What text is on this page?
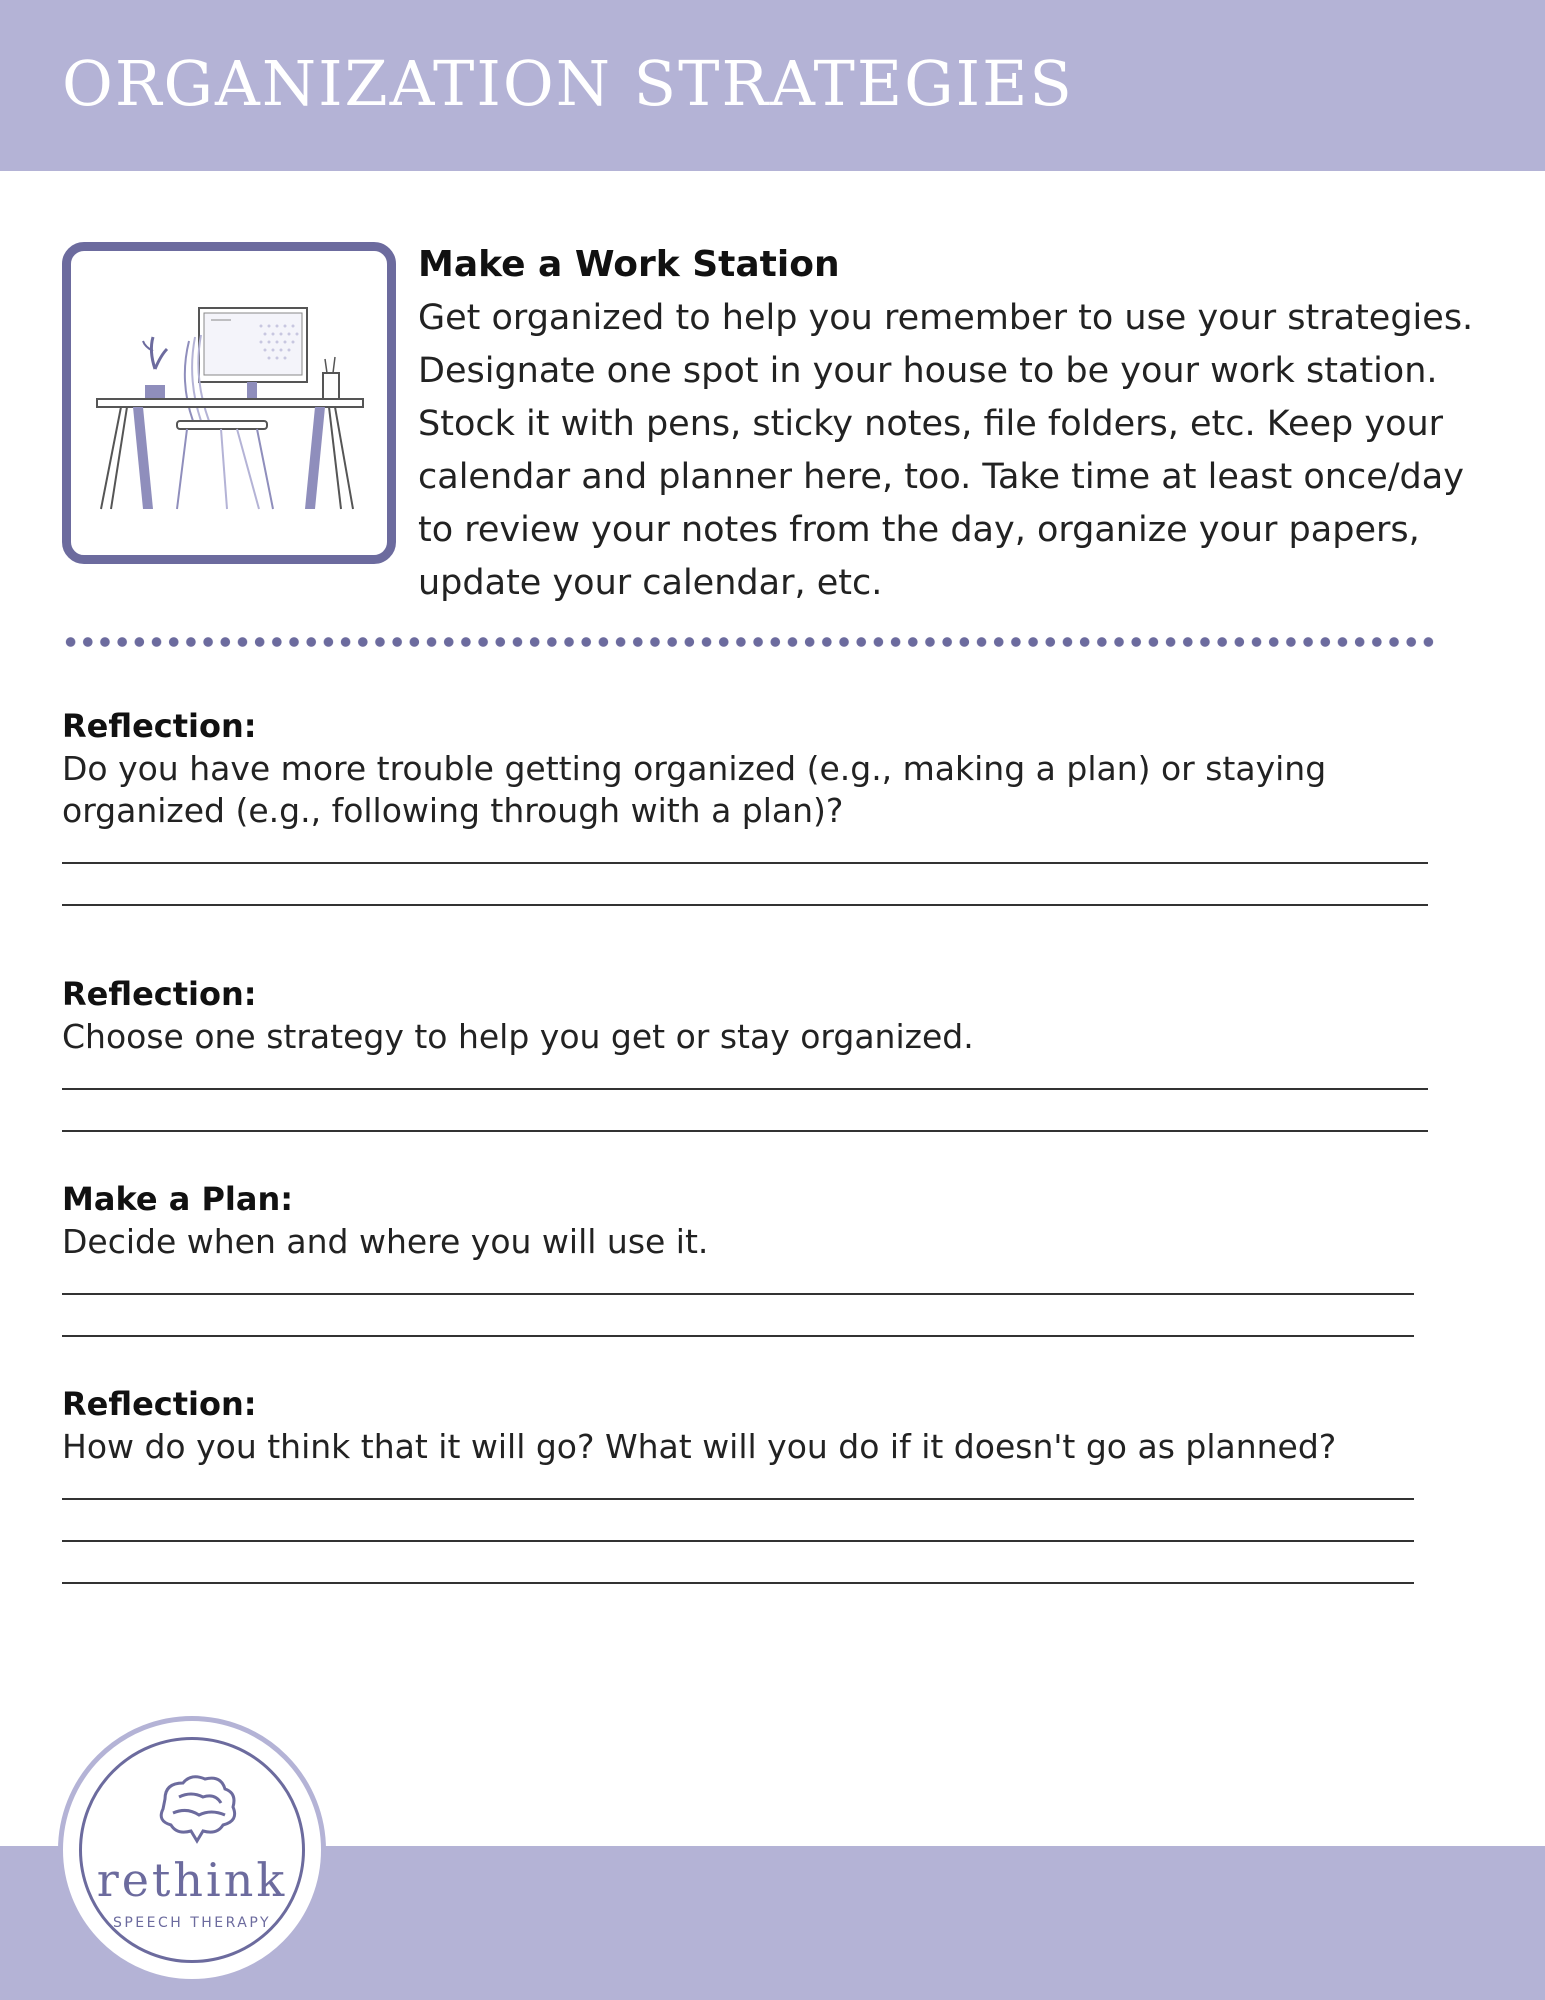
ORGANIZATION STRATEGIES
Make a Work Station

Get organized to help you remember to use your strategies. Designate one spot in your house to be your work station. Stock it with pens, sticky notes, file folders, etc. Keep your calendar and planner here, too. Take time at least once/day to review your notes from the day, organize your papers, update your calendar, etc.

Reflection:

Do you have more trouble getting organized (e.g., making a plan) or staying organized (e.g., following through with a plan)?

Reflection:

Choose one strategy to help you get or stay organized.

Make a Plan:

Decide when and where you will use it.

Reflection:

How do you think that it will go? What will you do if it doesn't go as planned?

rethink
SPEECH THERAPY
